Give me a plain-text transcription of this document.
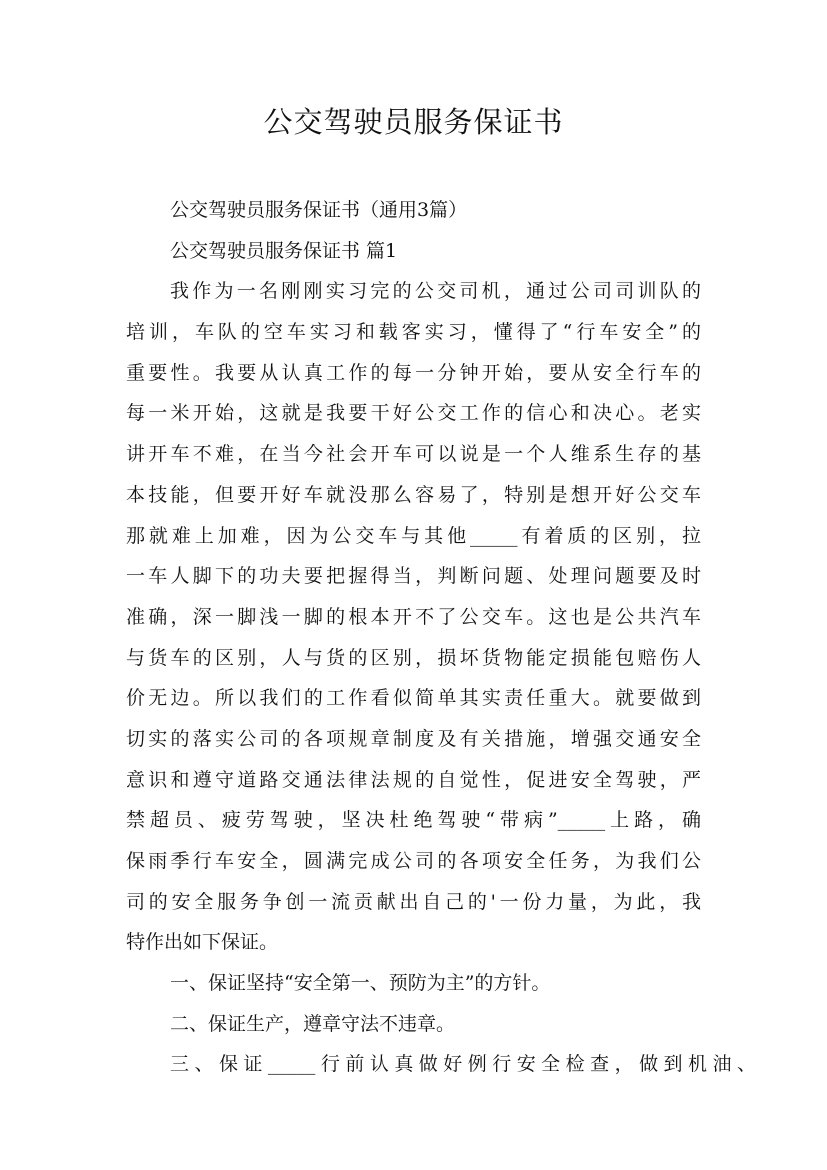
公交驾驶员服务保证书
公交驾驶员服务保证书（通用3篇）
公交驾驶员服务保证书 篇1
我作为一名刚刚实习完的公交司机，通过公司司训队的
培训，车队的空车实习和载客实习，懂得了“行车安全”的
重要性。我要从认真工作的每一分钟开始，要从安全行车的
每一米开始，这就是我要干好公交工作的信心和决心。老实
讲开车不难，在当今社会开车可以说是一个人维系生存的基
本技能，但要开好车就没那么容易了，特别是想开好公交车
那就难上加难，因为公交车与其他_____有着质的区别，拉
一车人脚下的功夫要把握得当，判断问题、处理问题要及时
准确，深一脚浅一脚的根本开不了公交车。这也是公共汽车
与货车的区别，人与货的区别，损坏货物能定损能包赔伤人
价无边。所以我们的工作看似简单其实责任重大。就要做到
切实的落实公司的各项规章制度及有关措施，增强交通安全
意识和遵守道路交通法律法规的自觉性，促进安全驾驶，严
禁超员、疲劳驾驶，坚决杜绝驾驶“带病”_____上路，确
保雨季行车安全，圆满完成公司的各项安全任务，为我们公
司的安全服务争创一流贡献出自己的'一份力量，为此，我
特作出如下保证。
一、保证坚持“安全第一、预防为主”的方针。
二、保证生产，遵章守法不违章。
三、保证_____行前认真做好例行安全检查，做到机油、
